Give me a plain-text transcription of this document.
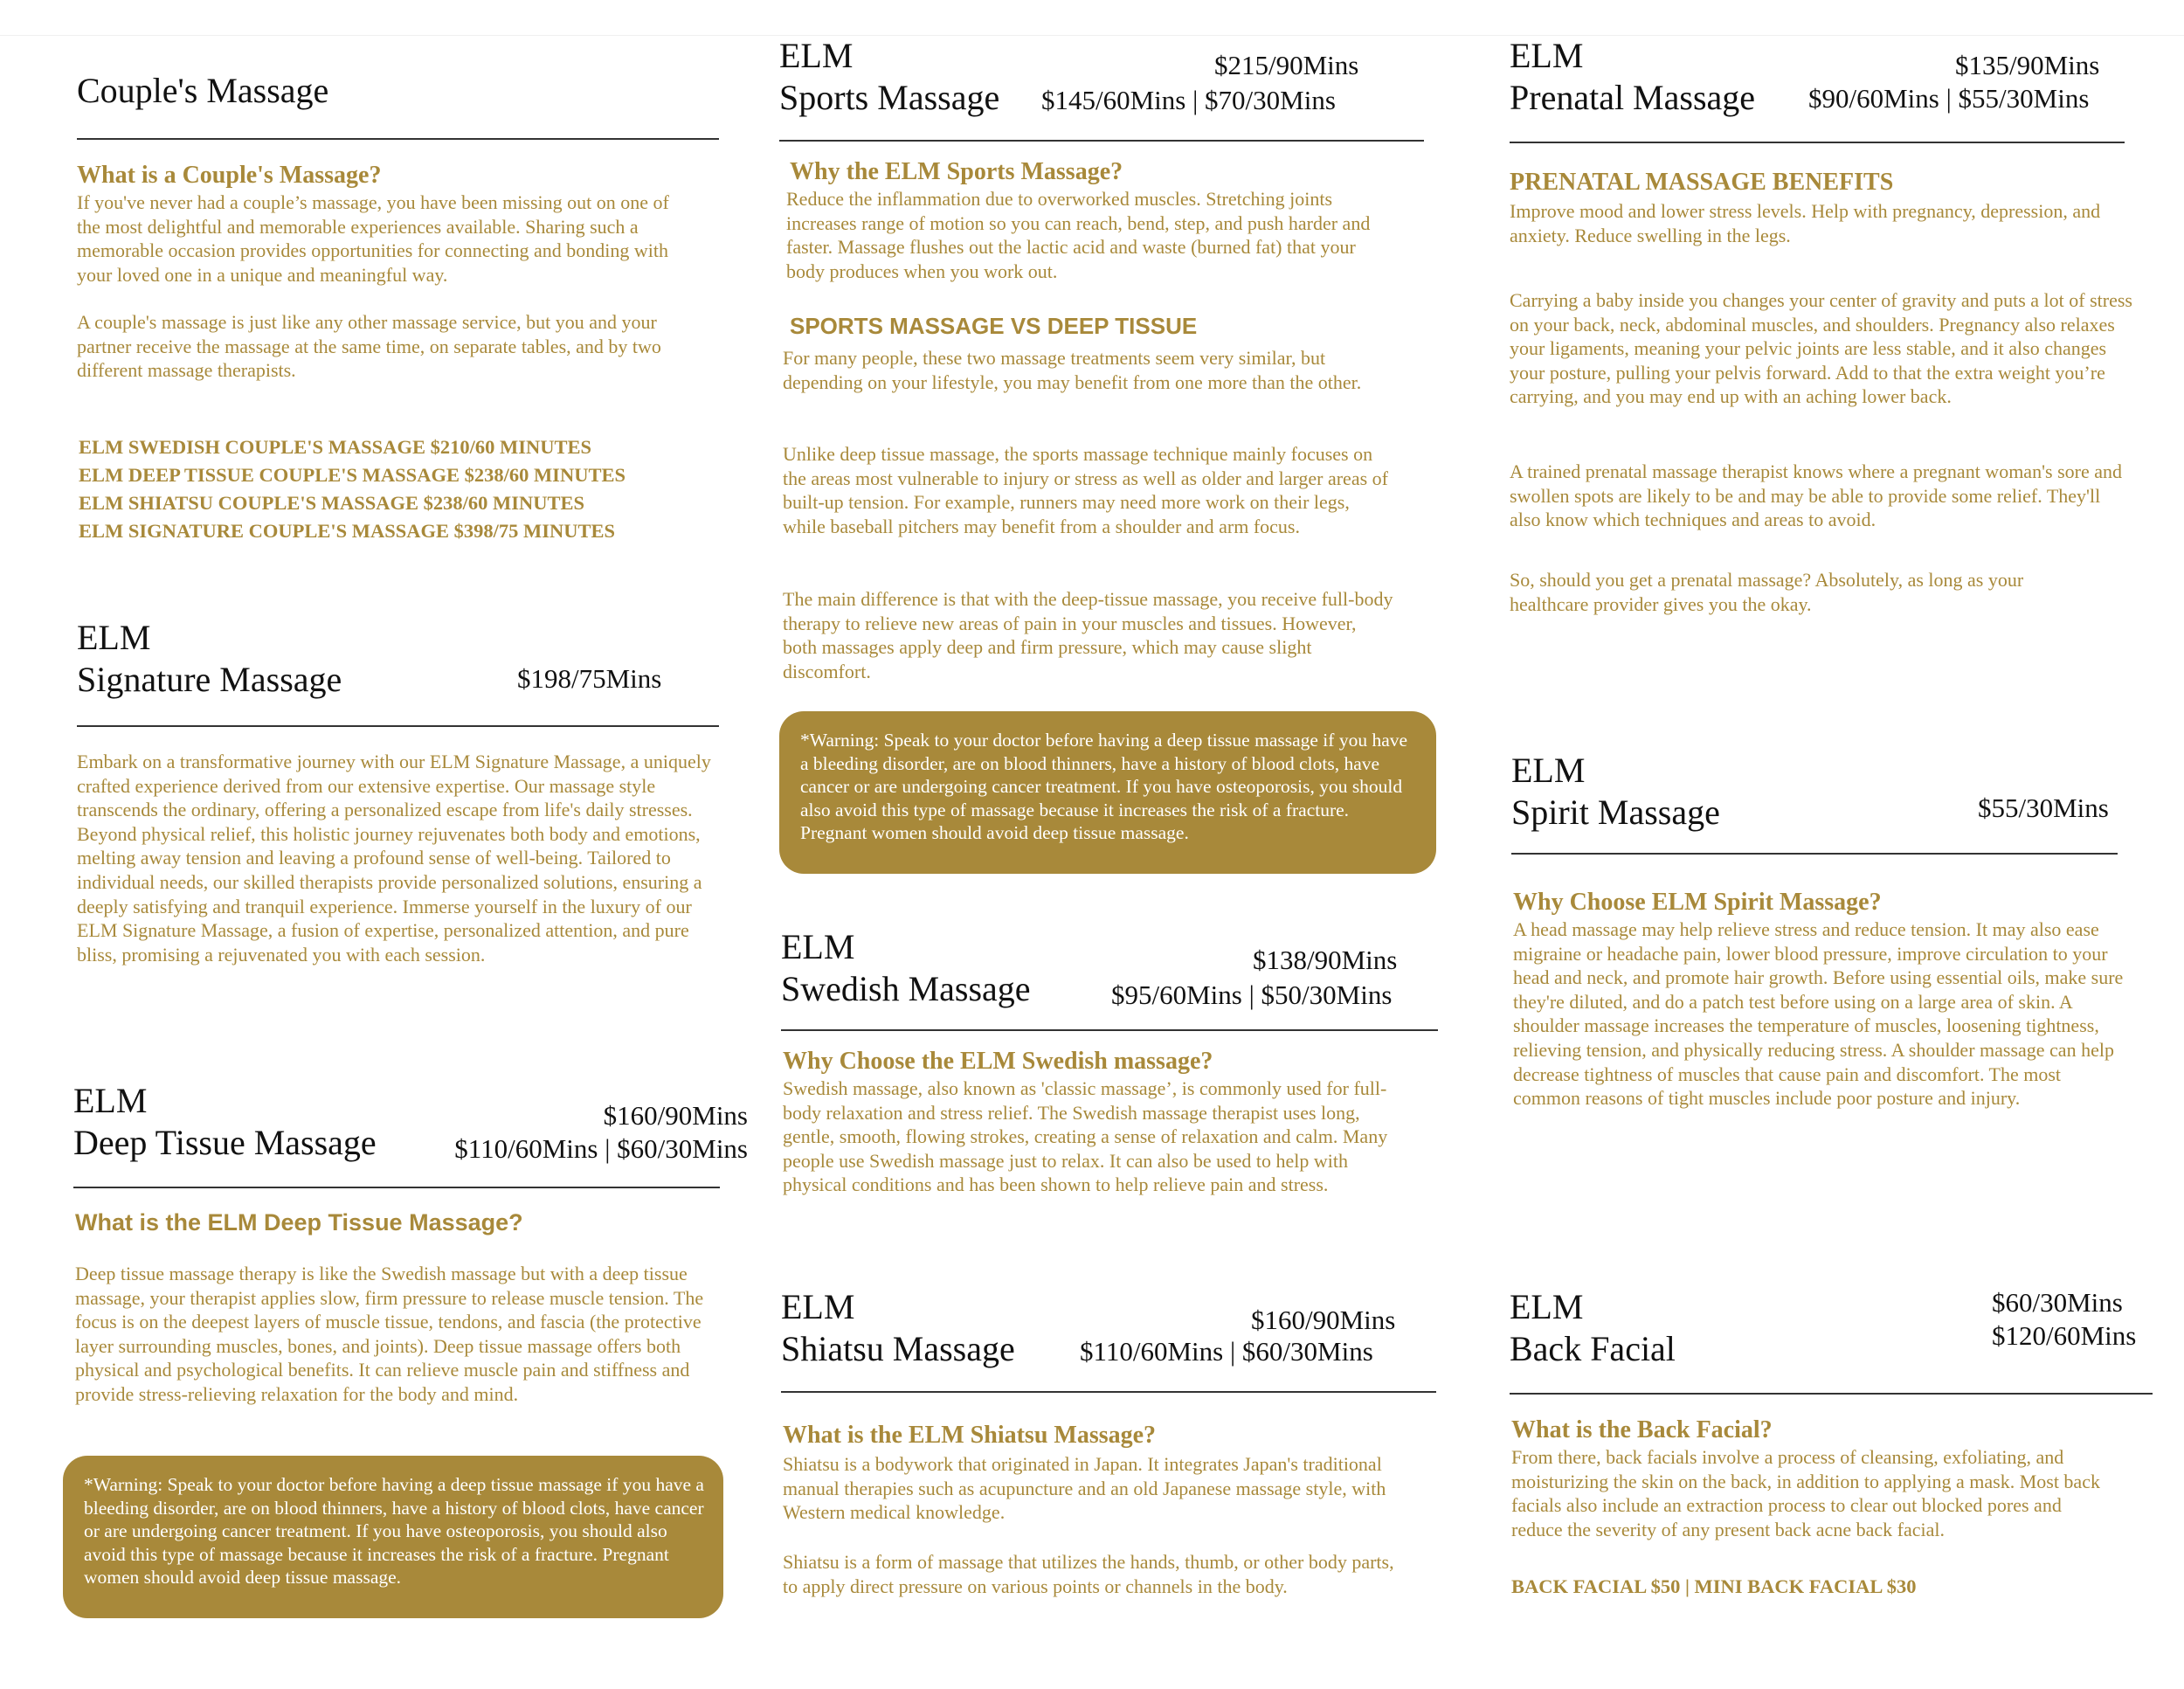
Couple's Massage
What is a Couple's Massage?

If you've never had a couple’s massage, you have been missing out on one of the most delightful and memorable experiences available. Sharing such a memorable occasion provides opportunities for connecting and bonding with your loved one in a unique and meaningful way.

A couple's massage is just like any other massage service, but you and your partner receive the massage at the same time, on separate tables, and by two different massage therapists.

ELM SWEDISH COUPLE'S MASSAGE $210/60 MINUTES
ELM DEEP TISSUE COUPLE'S MASSAGE $238/60 MINUTES
ELM SHIATSU COUPLE'S MASSAGE $238/60 MINUTES
ELM SIGNATURE COUPLE'S MASSAGE $398/75 MINUTES
ELM
Signature Massage	$198/75Mins

Embark on a transformative journey with our ELM Signature Massage, a uniquely crafted experience derived from our extensive expertise. Our massage style transcends the ordinary, offering a personalized escape from life's daily stresses. Beyond physical relief, this holistic journey rejuvenates both body and emotions, melting away tension and leaving a profound sense of well-being. Tailored to individual needs, our skilled therapists provide personalized solutions, ensuring a deeply satisfying and tranquil experience. Immerse yourself in the luxury of our ELM Signature Massage, a fusion of expertise, personalized attention, and pure bliss, promising a rejuvenated you with each session.

ELM
Deep Tissue Massage
$160/90Mins
$110/60Mins | $60/30Mins
What is the ELM Deep Tissue Massage?

Deep tissue massage therapy is like the Swedish massage but with a deep tissue massage, your therapist applies slow, firm pressure to release muscle tension. The focus is on the deepest layers of muscle tissue, tendons, and fascia (the protective layer surrounding muscles, bones, and joints). Deep tissue massage offers both physical and psychological benefits. It can relieve muscle pain and stiffness and provide stress-relieving relaxation for the body and mind.

*Warning: Speak to your doctor before having a deep tissue massage if you have a bleeding disorder, are on blood thinners, have a history of blood clots, have cancer or are undergoing cancer treatment. If you have osteoporosis, you should also avoid this type of massage because it increases the risk of a fracture. Pregnant women should avoid deep tissue massage.
ELM
Sports Massage
$215/90Mins
$145/60Mins | $70/30Mins
Why the ELM Sports Massage?

Reduce the inflammation due to overworked muscles. Stretching joints increases range of motion so you can reach, bend, step, and push harder and faster. Massage flushes out the lactic acid and waste (burned fat) that your body produces when you work out.

SPORTS MASSAGE VS DEEP TISSUE

For many people, these two massage treatments seem very similar, but depending on your lifestyle, you may benefit from one more than the other.

Unlike deep tissue massage, the sports massage technique mainly focuses on the areas most vulnerable to injury or stress as well as older and larger areas of built-up tension. For example, runners may need more work on their legs, while baseball pitchers may benefit from a shoulder and arm focus.

The main difference is that with the deep-tissue massage, you receive full-body therapy to relieve new areas of pain in your muscles and tissues. However, both massages apply deep and firm pressure, which may cause slight discomfort.

*Warning: Speak to your doctor before having a deep tissue massage if you have a bleeding disorder, are on blood thinners, have a history of blood clots, have cancer or are undergoing cancer treatment. If you have osteoporosis, you should also avoid this type of massage because it increases the risk of a fracture. Pregnant women should avoid deep tissue massage.
ELM
Swedish Massage
$138/90Mins
$95/60Mins | $50/30Mins
Why Choose the ELM Swedish massage?

Swedish massage, also known as 'classic massage’, is commonly used for full-body relaxation and stress relief. The Swedish massage therapist uses long, gentle, smooth, flowing strokes, creating a sense of relaxation and calm. Many people use Swedish massage just to relax. It can also be used to help with physical conditions and has been shown to help relieve pain and stress.

ELM
Shiatsu Massage
$160/90Mins
$110/60Mins | $60/30Mins
What is the ELM Shiatsu Massage?

Shiatsu is a bodywork that originated in Japan. It integrates Japan's traditional manual therapies such as acupuncture and an old Japanese massage style, with Western medical knowledge.

Shiatsu is a form of massage that utilizes the hands, thumb, or other body parts, to apply direct pressure on various points or channels in the body.

ELM
Prenatal Massage
$135/90Mins
$90/60Mins | $55/30Mins
PRENATAL MASSAGE BENEFITS

Improve mood and lower stress levels. Help with pregnancy, depression, and anxiety. Reduce swelling in the legs.

Carrying a baby inside you changes your center of gravity and puts a lot of stress on your back, neck, abdominal muscles, and shoulders. Pregnancy also relaxes your ligaments, meaning your pelvic joints are less stable, and it also changes your posture, pulling your pelvis forward. Add to that the extra weight you’re carrying, and you may end up with an aching lower back.

A trained prenatal massage therapist knows where a pregnant woman's sore and swollen spots are likely to be and may be able to provide some relief. They'll also know which techniques and areas to avoid.

So, should you get a prenatal massage? Absolutely, as long as your healthcare provider gives you the okay.

ELM
Spirit Massage	$55/30Mins
Why Choose ELM Spirit Massage?

A head massage may help relieve stress and reduce tension. It may also ease migraine or headache pain, lower blood pressure, improve circulation to your head and neck, and promote hair growth. Before using essential oils, make sure they're diluted, and do a patch test before using on a large area of skin. A shoulder massage increases the temperature of muscles, loosening tightness, relieving tension, and physically reducing stress. A shoulder massage can help decrease tightness of muscles that cause pain and discomfort. The most common reasons of tight muscles include poor posture and injury.

ELM
Back Facial
$60/30Mins
$120/60Mins
What is the Back Facial?

From there, back facials involve a process of cleansing, exfoliating, and moisturizing the skin on the back, in addition to applying a mask. Most back facials also include an extraction process to clear out blocked pores and reduce the severity of any present back acne back facial.

BACK FACIAL $50 | MINI BACK FACIAL $30
